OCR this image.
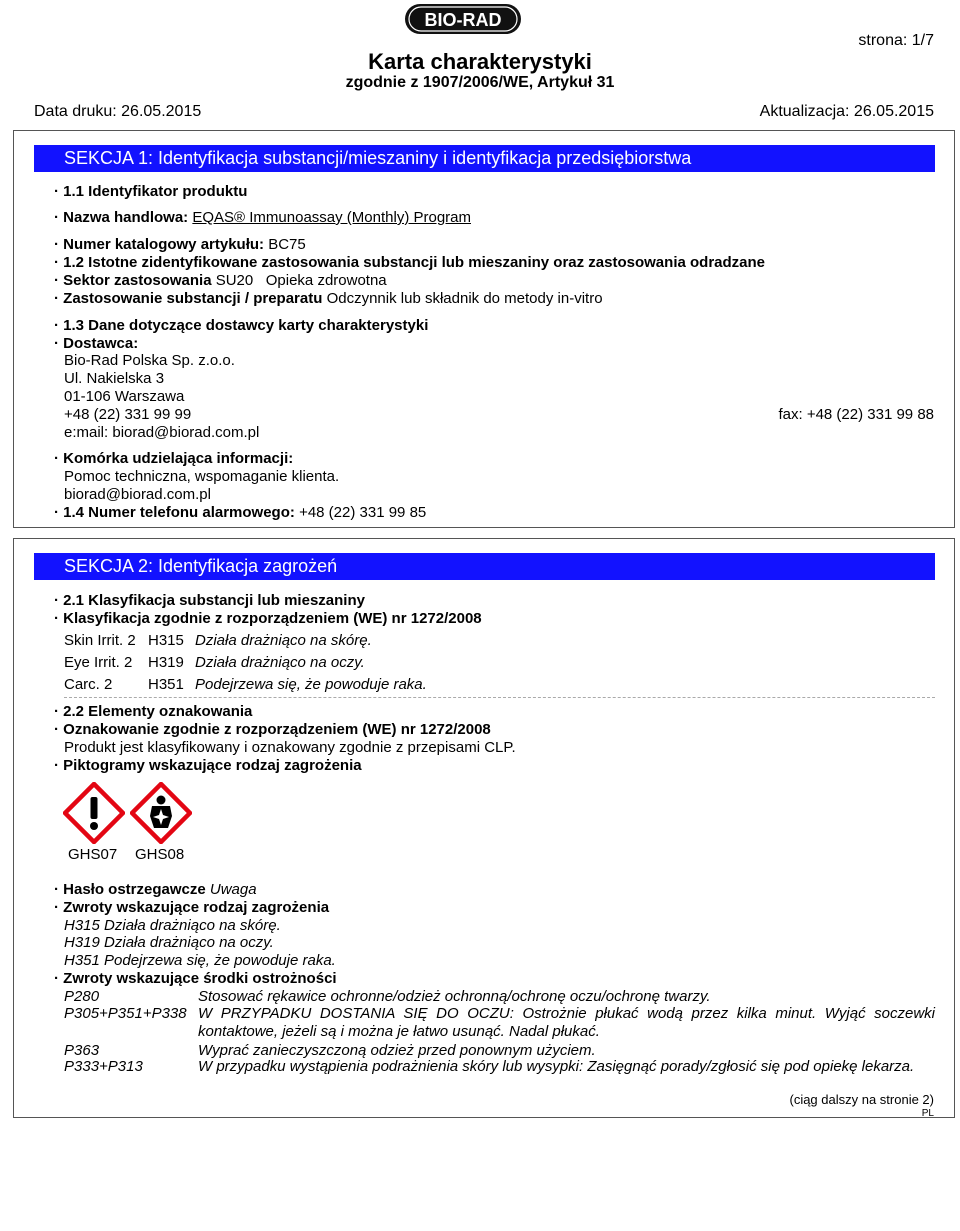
BIO-RAD
strona: 1/7
Karta charakterystyki
zgodnie z 1907/2006/WE, Artykuł 31
Data druku: 26.05.2015	Aktualizacja: 26.05.2015
SEKCJA 1: Identyfikacja substancji/mieszaniny i identyfikacja przedsiębiorstwa
· 1.1 Identyfikator produktu
· Nazwa handlowa: EQAS® Immunoassay (Monthly) Program
· Numer katalogowy artykułu: BC75
· 1.2 Istotne zidentyfikowane zastosowania substancji lub mieszaniny oraz zastosowania odradzane
· Sektor zastosowania SU20   Opieka zdrowotna
· Zastosowanie substancji / preparatu Odczynnik lub składnik do metody in-vitro
· 1.3 Dane dotyczące dostawcy karty charakterystyki
· Dostawca:
Bio-Rad Polska Sp. z.o.o.
Ul. Nakielska 3
01-106 Warszawa
+48 (22) 331 99 99	fax: +48 (22) 331 99 88
e:mail: biorad@biorad.com.pl
· Komórka udzielająca informacji:
Pomoc techniczna, wspomaganie klienta.
biorad@biorad.com.pl
· 1.4 Numer telefonu alarmowego: +48 (22) 331 99 85
SEKCJA 2: Identyfikacja zagrożeń
· 2.1 Klasyfikacja substancji lub mieszaniny
· Klasyfikacja zgodnie z rozporządzeniem (WE) nr 1272/2008
Skin Irrit. 2 H315 Działa drażniąco na skórę.
Eye Irrit. 2 H319 Działa drażniąco na oczy.
Carc. 2 H351 Podejrzewa się, że powoduje raka.
· 2.2 Elementy oznakowania
· Oznakowanie zgodnie z rozporządzeniem (WE) nr 1272/2008
Produkt jest klasyfikowany i oznakowany zgodnie z przepisami CLP.
· Piktogramy wskazujące rodzaj zagrożenia
GHS07 GHS08
· Hasło ostrzegawcze Uwaga
· Zwroty wskazujące rodzaj zagrożenia
H315 Działa drażniąco na skórę.
H319 Działa drażniąco na oczy.
H351 Podejrzewa się, że powoduje raka.
· Zwroty wskazujące środki ostrożności
P280	Stosować rękawice ochronne/odzież ochronną/ochronę oczu/ochronę twarzy.
P305+P351+P338 W PRZYPADKU DOSTANIA SIĘ DO OCZU: Ostrożnie płukać wodą przez kilka minut. Wyjąć soczewki kontaktowe, jeżeli są i można je łatwo usunąć. Nadal płukać.
P363	Wyprać zanieczyszczoną odzież przed ponownym użyciem.
P333+P313	W przypadku wystąpienia podrażnienia skóry lub wysypki: Zasięgnąć porady/zgłosić się pod opiekę lekarza.
(ciąg dalszy na stronie 2)
PL
